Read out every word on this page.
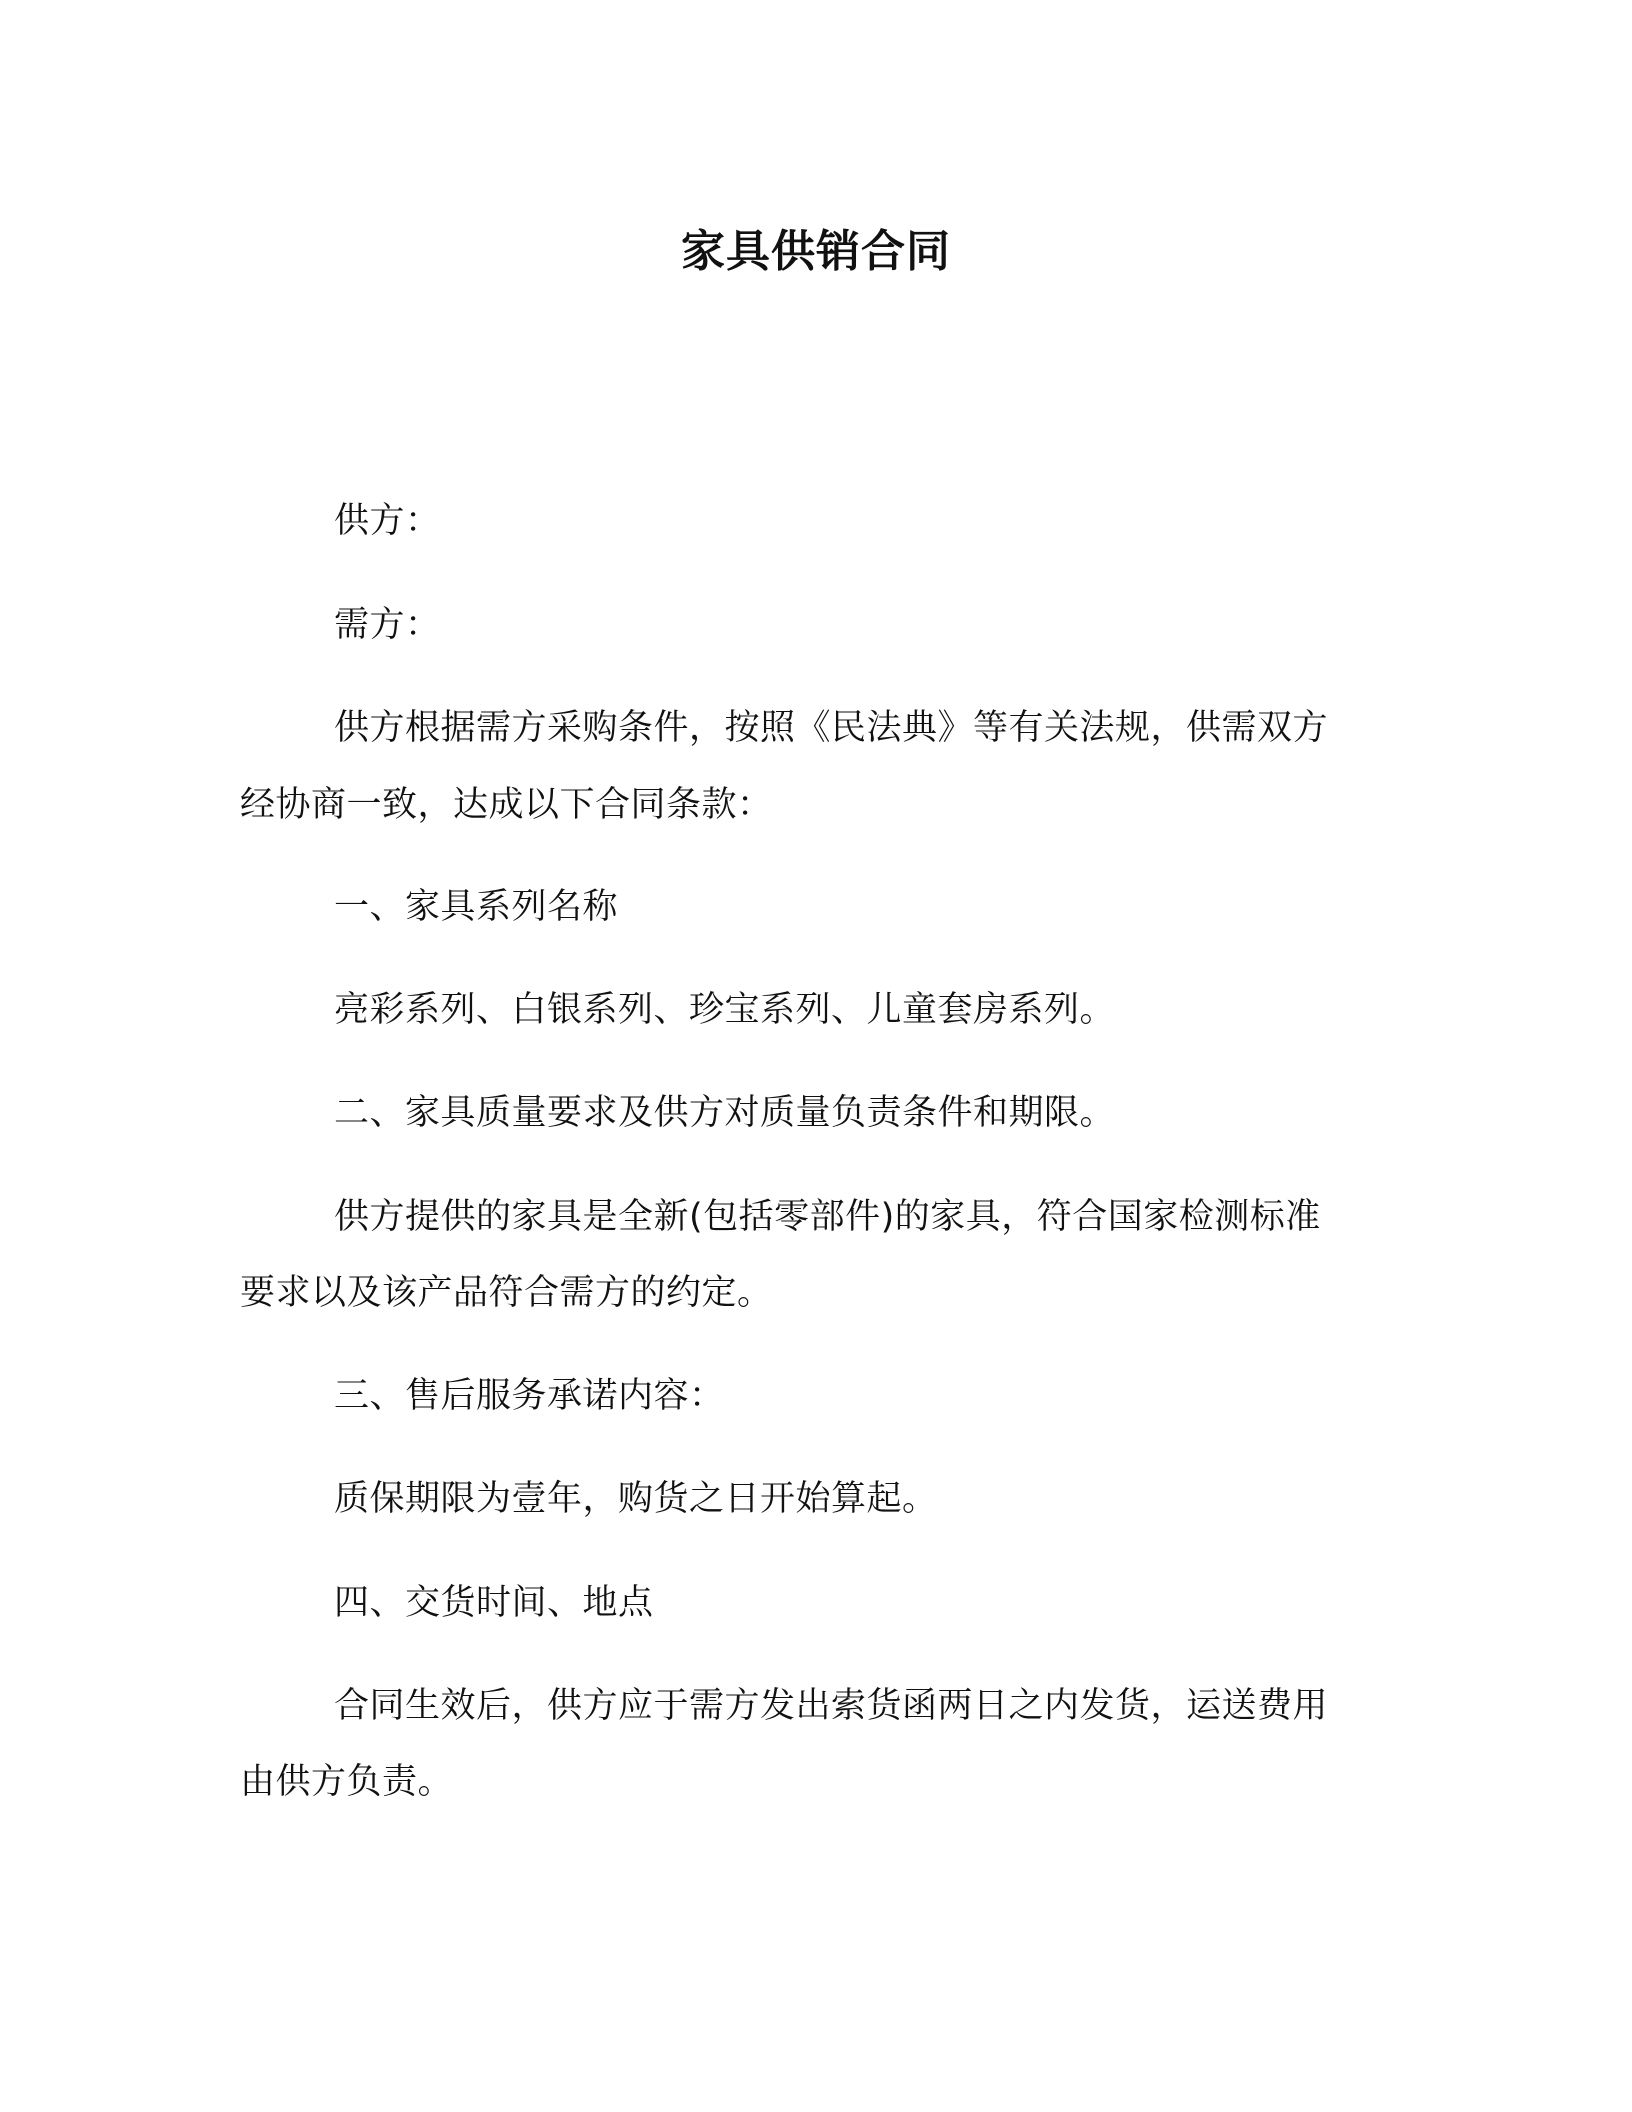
家具供销合同
供方：
需方：
供方根据需方采购条件，按照《民法典》等有关法规，供需双方
经协商一致，达成以下合同条款：
一、家具系列名称
亮彩系列、白银系列、珍宝系列、儿童套房系列。
二、家具质量要求及供方对质量负责条件和期限。
供方提供的家具是全新(包括零部件)的家具，符合国家检测标准
要求以及该产品符合需方的约定。
三、售后服务承诺内容：
质保期限为壹年，购货之日开始算起。
四、交货时间、地点
合同生效后，供方应于需方发出索货函两日之内发货，运送费用
由供方负责。
